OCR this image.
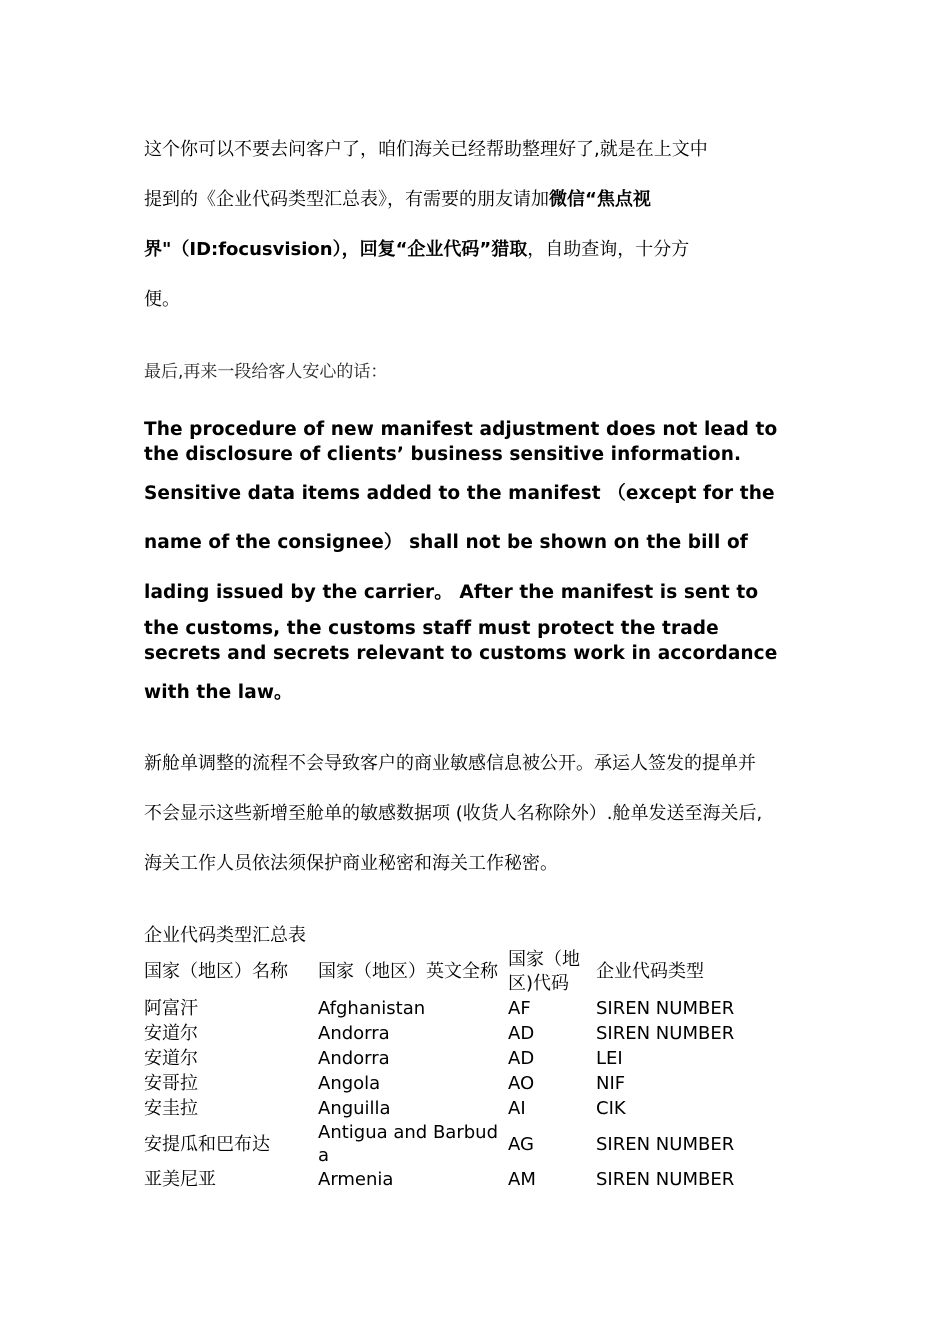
这个你可以不要去问客户了，咱们海关已经帮助整理好了,就是在上文中
提到的《企业代码类型汇总表》，有需要的朋友请加微信“焦点视
界"（ID:focusvision），回复“企业代码”猎取，自助查询，十分方
便。
最后,再来一段给客人安心的话：
The procedure of new manifest adjustment does not lead to
the disclosure of clients’ business sensitive information.
Sensitive data items added to the manifest （except for the
name of the consignee） shall not be shown on the bill of
lading issued by the carrier。 After the manifest is sent to
the customs, the customs staff must protect the trade
secrets and secrets relevant to customs work in accordance
with the law。
新舱单调整的流程不会导致客户的商业敏感信息被公开。承运人签发的提单并
不会显示这些新增至舱单的敏感数据项 (收货人名称除外）.舱单发送至海关后,
海关工作人员依法须保护商业秘密和海关工作秘密。
企业代码类型汇总表
国家（地区）名称	国家（地区）英文全称	国家（地区)代码	企业代码类型
阿富汗	Afghanistan	AF	SIREN NUMBER
安道尔	Andorra	AD	SIREN NUMBER
安道尔	Andorra	AD	LEI
安哥拉	Angola	AO	NIF
安圭拉	Anguilla	AI	CIK
安提瓜和巴布达	Antigua and Barbuda	AG	SIREN NUMBER
亚美尼亚	Armenia	AM	SIREN NUMBER
